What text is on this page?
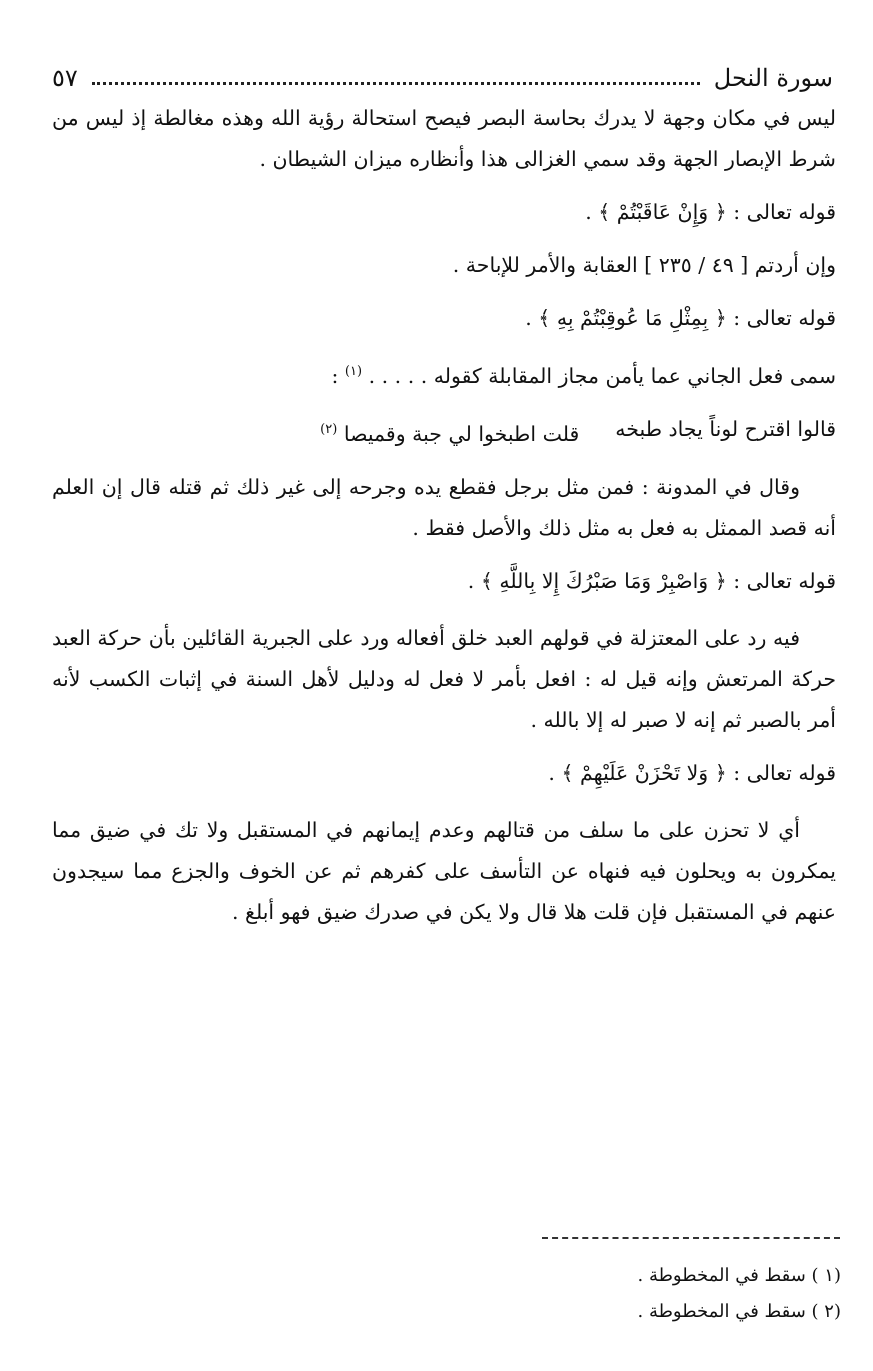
سورة النحل
٥٧

ليس في مكان وجهة لا يدرك بحاسة البصر فيصح استحالة رؤية الله وهذه مغالطة إذ ليس من شرط الإبصار الجهة وقد سمي الغزالى هذا وأنظاره ميزان الشيطان .

قوله تعالى : ﴿ وَإِنْ عَاقَبْتُمْ ﴾ .

وإن أردتم [ ٤٩ / ٢٣٥ ] العقابة والأمر للإباحة .

قوله تعالى : ﴿ بِمِثْلِ مَا عُوقِبْتُمْ بِهِ ﴾ .

سمى فعل الجاني عما يأمن مجاز المقابلة كقوله . . . . . $^{(١)}$ :

قالوا اقترح لوناً يجاد طبخه
قلت اطبخوا لي جبة وقميصا $^{(٢)}$

وقال في المدونة : فمن مثل برجل فقطع يده وجرحه إلى غير ذلك ثم قتله قال إن العلم أنه قصد الممثل به فعل به مثل ذلك والأصل فقط .

قوله تعالى : ﴿ وَاصْبِرْ وَمَا صَبْرُكَ إِلا بِاللَّهِ ﴾ .

فيه رد على المعتزلة في قولهم العبد خلق أفعاله ورد على الجبرية القائلين بأن حركة العبد حركة المرتعش وإنه قيل له : افعل بأمر لا فعل له ودليل لأهل السنة في إثبات الكسب لأنه أمر بالصبر ثم إنه لا صبر له إلا بالله .

قوله تعالى : ﴿ وَلا تَحْزَنْ عَلَيْهِمْ ﴾ .

أي لا تحزن على ما سلف من قتالهم وعدم إيمانهم في المستقبل ولا تك في ضيق مما يمكرون به ويحلون فيه فنهاه عن التأسف على كفرهم ثم عن الخوف والجزع مما سيجدون عنهم في المستقبل فإن قلت هلا قال ولا يكن في صدرك ضيق فهو أبلغ .

(١ ) سقط في المخطوطة .

(٢ ) سقط في المخطوطة .
